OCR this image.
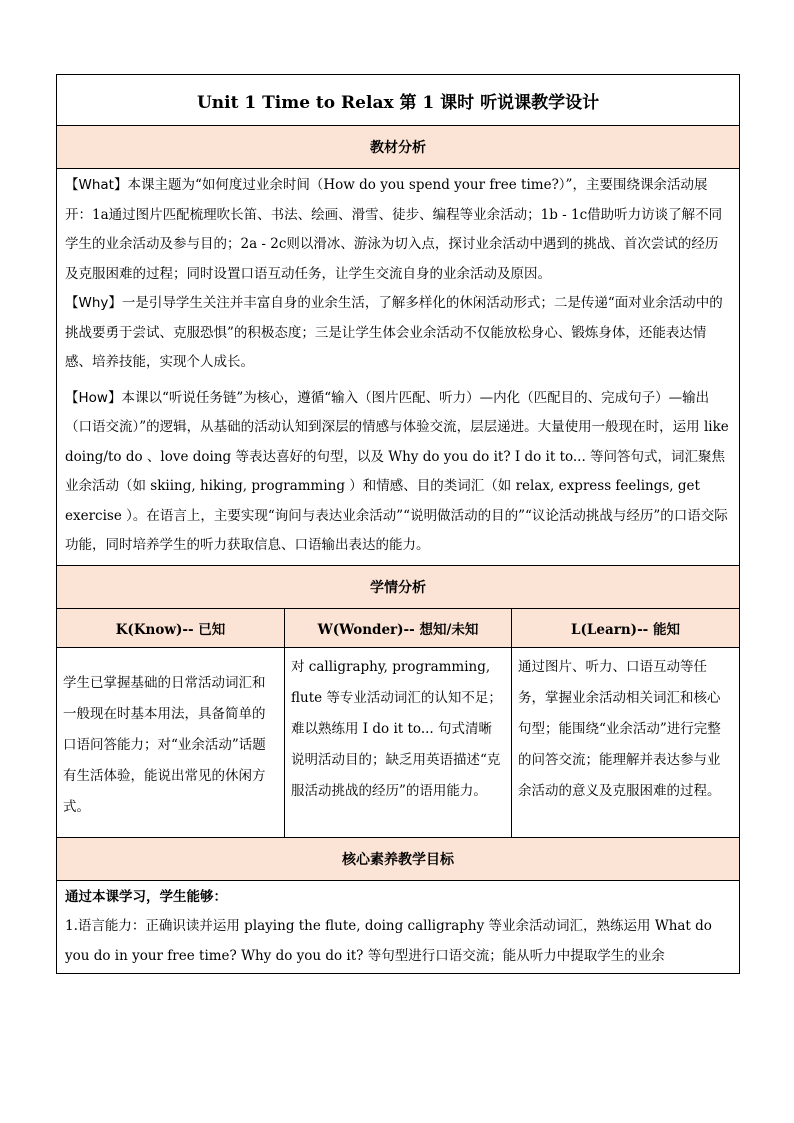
Unit 1 Time to Relax 第 1 课时 听说课教学设计		
教材分析		

【What】本课主题为“如何度过业余时间（How do you spend your free time?）”，主要围绕课余活动展开：1a通过图片匹配梳理吹长笛、书法、绘画、滑雪、徒步、编程等业余活动；1b - 1c借助听力访谈了解不同学生的业余活动及参与目的；2a - 2c则以滑冰、游泳为切入点，探讨业余活动中遇到的挑战、首次尝试的经历及克服困难的过程；同时设置口语互动任务，让学生交流自身的业余活动及原因。

【Why】一是引导学生关注并丰富自身的业余生活，了解多样化的休闲活动形式；二是传递“面对业余活动中的挑战要勇于尝试、克服恐惧”的积极态度；三是让学生体会业余活动不仅能放松身心、锻炼身体，还能表达情感、培养技能，实现个人成长。

【How】本课以“听说任务链”为核心，遵循“输入（图片匹配、听力）—内化（匹配目的、完成句子）—输出（口语交流）”的逻辑，从基础的活动认知到深层的情感与体验交流，层层递进。大量使用一般现在时，运用 like doing/to do 、love doing 等表达喜好的句型，以及 Why do you do it? I do it to... 等问答句式，词汇聚焦业余活动（如 skiing, hiking, programming ）和情感、目的类词汇（如 relax, express feelings, get exercise ）。在语言上，主要实现“询问与表达业余活动”“说明做活动的目的”“议论活动挑战与经历”的口语交际功能，同时培养学生的听力获取信息、口语输出表达的能力。		

学情分析		
K(Know)-- 已知	W(Wonder)-- 想知/未知	L(Learn)-- 能知
学生已掌握基础的日常活动词汇和一般现在时基本用法，具备简单的口语问答能力；对“业余活动”话题有生活体验，能说出常见的休闲方式。	对 calligraphy, programming, flute 等专业活动词汇的认知不足；难以熟练用 I do it to... 句式清晰说明活动目的；缺乏用英语描述“克服活动挑战的经历”的语用能力。	通过图片、听力、口语互动等任务，掌握业余活动相关词汇和核心句型；能围绕“业余活动”进行完整的问答交流；能理解并表达参与业余活动的意义及克服困难的过程。
核心素养教学目标		

通过本课学习，学生能够：

1.语言能力：正确识读并运用 playing the flute, doing calligraphy 等业余活动词汇，熟练运用 What do you do in your free time? Why do you do it? 等句型进行口语交流；能从听力中提取学生的业余		
